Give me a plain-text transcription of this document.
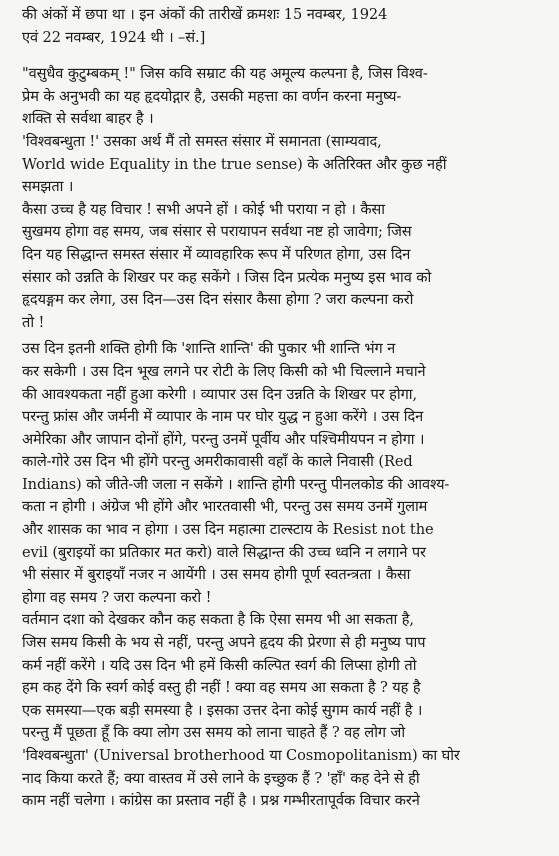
की अंकों में छपा था । इन अंकों की तारीखें क्रमशः 15 नवम्बर, 1924
एवं 22 नवम्बर, 1924 थी । –सं.]
"वसुधैव कुटुम्बकम् !" जिस कवि सम्राट की यह अमूल्य कल्पना है, जिस विश्व-
प्रेम के अनुभवी का यह हृदयोद्गार है, उसकी महत्ता का वर्णन करना मनुष्य-
शक्ति से सर्वथा बाहर है ।
'विश्वबन्धुता !' उसका अर्थ मैं तो समस्त संसार में समानता (साम्यवाद,
World wide Equality in the true sense) के अतिरिक्त और कुछ नहीं
समझता ।
कैसा उच्च है यह विचार ! सभी अपने हों । कोई भी पराया न हो । कैसा
सुखमय होगा वह समय, जब संसार से परायापन सर्वथा नष्ट हो जावेगा; जिस
दिन यह सिद्धान्त समस्त संसार में व्यावहारिक रूप में परिणत होगा, उस दिन
संसार को उन्नति के शिखर पर कह सकेंगे । जिस दिन प्रत्येक मनुष्य इस भाव को
हृदयङ्गम कर लेगा, उस दिन—उस दिन संसार कैसा होगा ? जरा कल्पना करो
तो !
उस दिन इतनी शक्ति होगी कि 'शान्ति शान्ति' की पुकार भी शान्ति भंग न
कर सकेगी । उस दिन भूख लगने पर रोटी के लिए किसी को भी चिल्लाने मचाने
की आवश्यकता नहीं हुआ करेगी । व्यापार उस दिन उन्नति के शिखर पर होगा,
परन्तु फ्रांस और जर्मनी में व्यापार के नाम पर घोर युद्ध न हुआ करेंगे । उस दिन
अमेरिका और जापान दोनों होंगे, परन्तु उनमें पूर्वीय और पश्चिमीयपन न होगा ।
काले-गोरे उस दिन भी होंगे परन्तु अमरीकावासी वहाँ के काले निवासी (Red
Indians) को जीते-जी जला न सकेंगे । शान्ति होगी परन्तु पीनलकोड की आवश्य-
कता न होगी । अंग्रेज भी होंगे और भारतवासी भी, परन्तु उस समय उनमें गुलाम
और शासक का भाव न होगा । उस दिन महात्मा टाल्स्टाय के Resist not the
evil (बुराइयों का प्रतिकार मत करो) वाले सिद्धान्त की उच्च ध्वनि न लगाने पर
भी संसार में बुराइयाँ नजर न आयेंगी । उस समय होगी पूर्ण स्वतन्त्रता । कैसा
होगा वह समय ? जरा कल्पना करो !
वर्तमान दशा को देखकर कौन कह सकता है कि ऐसा समय भी आ सकता है,
जिस समय किसी के भय से नहीं, परन्तु अपने हृदय की प्रेरणा से ही मनुष्य पाप
कर्म नहीं करेंगे । यदि उस दिन भी हमें किसी कल्पित स्वर्ग की लिप्सा होगी तो
हम कह देंगे कि स्वर्ग कोई वस्तु ही नहीं ! क्या वह समय आ सकता है ? यह है
एक समस्या—एक बड़ी समस्या है । इसका उत्तर देना कोई सुगम कार्य नहीं है ।
परन्तु मैं पूछता हूँ कि क्या लोग उस समय को लाना चाहते हैं ? वह लोग जो
'विश्वबन्धुता' (Universal brotherhood या Cosmopolitanism) का घोर
नाद किया करते हैं; क्या वास्तव में उसे लाने के इच्छुक हैं ? 'हाँ' कह देने से ही
काम नहीं चलेगा । कांग्रेस का प्रस्ताव नहीं है । प्रश्न गम्भीरतापूर्वक विचार करने
